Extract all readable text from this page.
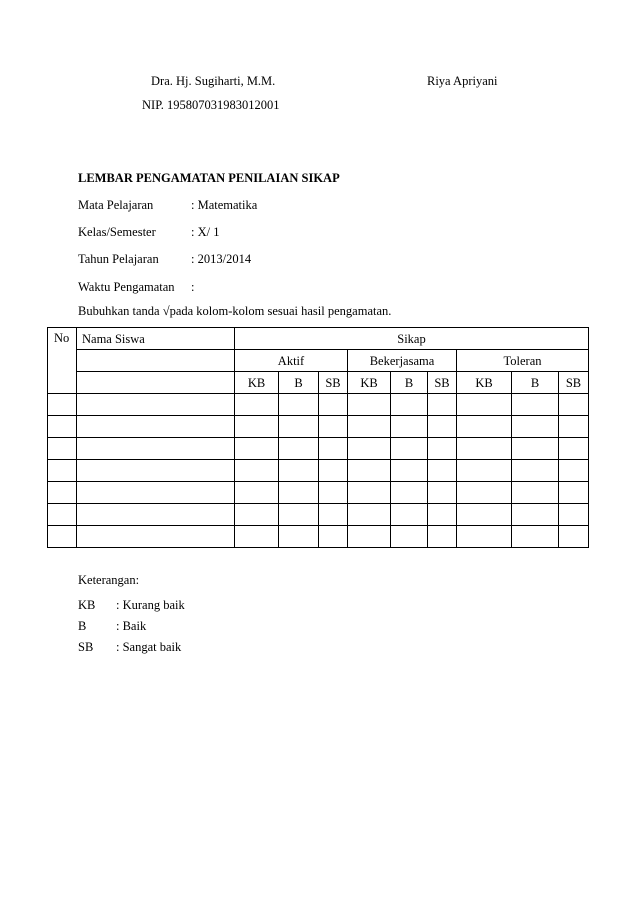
Dra. Hj. Sugiharti, M.M.
NIP. 195807031983012001
Riya Apriyani
LEMBAR PENGAMATAN PENILAIAN SIKAP
Mata Pelajaran	: Matematika
Kelas/Semester	: X/ 1
Tahun Pelajaran	: 2013/2014
Waktu Pengamatan :
Bubuhkan tanda √pada kolom-kolom sesuai hasil pengamatan.
No	Nama Siswa	Sikap								
		Aktif			Bekerjasama			Toleran		
		KB	B	SB	KB	B	SB	KB	B	SB

Keterangan:
KB : Kurang baik
B : Baik
SB : Sangat baik
